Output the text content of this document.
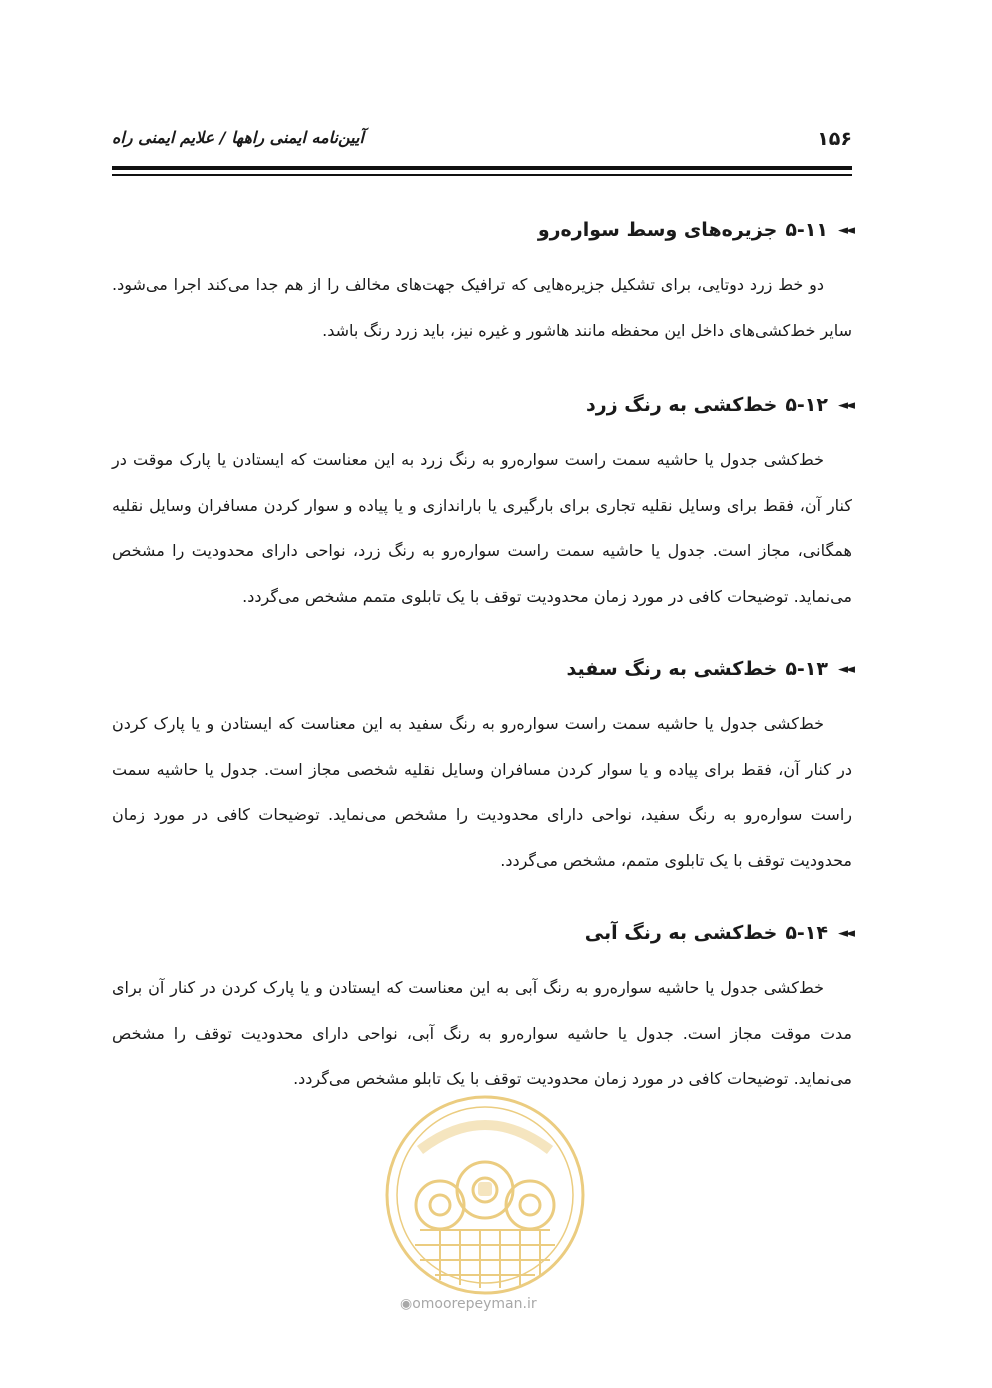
۱۵۶
آیین‌نامه ایمنی راهها / علایم ایمنی راه
◄◄
۵-۱۱
جزیره‌های وسط سواره‌رو

دو خط زرد دوتایی، برای تشکیل جزیره‌هایی که ترافیک جهت‌های مخالف را از هم جدا می‌کند اجرا می‌شود. سایر خط‌کشی‌های داخل این محفظه مانند هاشور و غیره نیز، باید زرد رنگ باشد.

◄◄
۵-۱۲
خط‌کشی به رنگ زرد

خط‌کشی جدول یا حاشیه سمت راست سواره‌رو به رنگ زرد به این معناست که ایستادن یا پارک موقت در کنار آن، فقط برای وسایل نقلیه تجاری برای بارگیری یا باراندازی و یا پیاده و سوار کردن مسافران وسایل نقلیه همگانی، مجاز است. جدول یا حاشیه سمت راست سواره‌رو به رنگ زرد، نواحی دارای محدودیت را مشخص می‌نماید. توضیحات کافی در مورد زمان محدودیت توقف با یک تابلوی متمم مشخص می‌گردد.

◄◄
۵-۱۳
خط‌کشی به رنگ سفید

خط‌کشی جدول یا حاشیه سمت راست سواره‌رو به رنگ سفید به این معناست که ایستادن و یا پارک کردن در کنار آن، فقط برای پیاده و یا سوار کردن مسافران وسایل نقلیه شخصی مجاز است. جدول یا حاشیه سمت راست سواره‌رو به رنگ سفید، نواحی دارای محدودیت را مشخص می‌نماید. توضیحات کافی در مورد زمان محدودیت توقف با یک تابلوی متمم، مشخص می‌گردد.

◄◄
۵-۱۴
خط‌کشی به رنگ آبی

خط‌کشی جدول یا حاشیه سواره‌رو به رنگ آبی به این معناست که ایستادن و یا پارک کردن در کنار آن برای مدت موقت مجاز است. جدول یا حاشیه سواره‌رو به رنگ آبی، نواحی دارای محدودیت توقف را مشخص می‌نماید. توضیحات کافی در مورد زمان محدودیت توقف با یک تابلو مشخص می‌گردد.

◉omoorepeyman.ir
